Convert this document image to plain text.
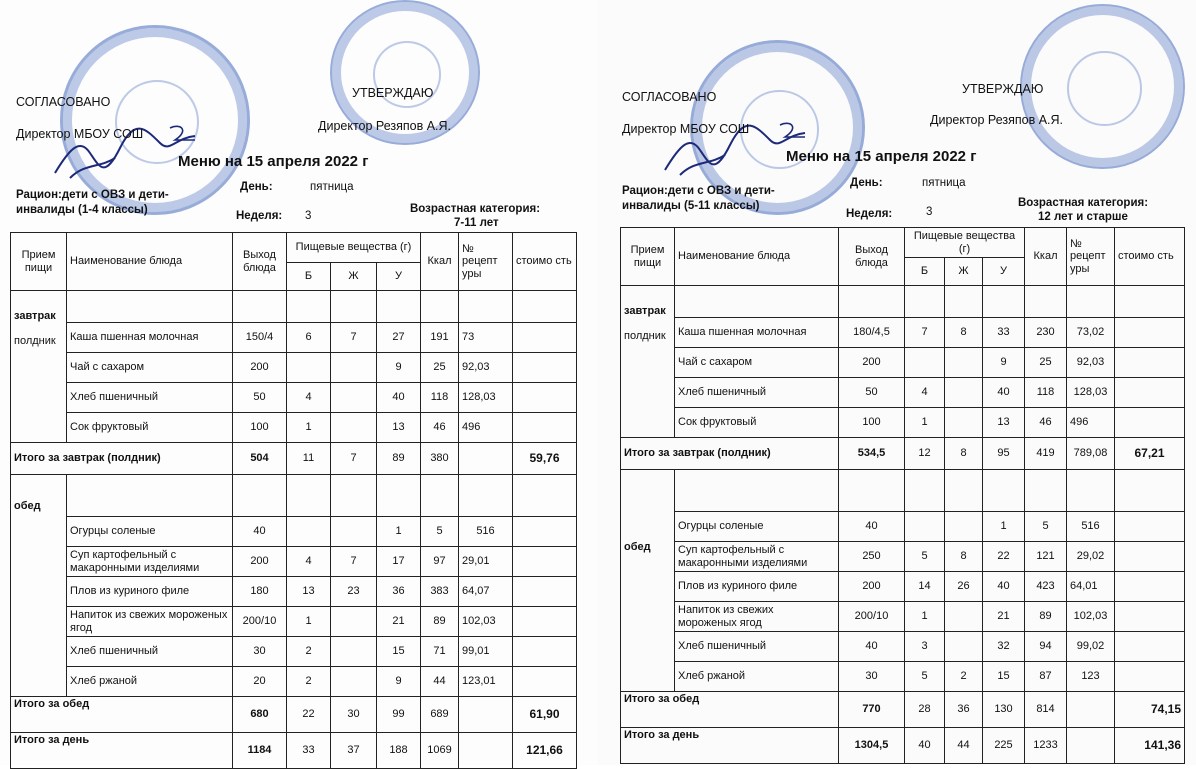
СОГЛАСОВАНО
УТВЕРЖДАЮ
Директор МБОУ СОШ
Директор Резяпов А.Я.
Меню на 15 апреля 2022 г
Рацион:дети с ОВЗ и дети-
инвалиды (1-4 классы)
День:	пятница
Неделя: 3
Возрастная категория:
7-11 лет
Прием пищи	Наименование блюда	Выход блюда	Пищевые вещества (г)			Ккал	№ рецепт уры	стоимо сть
			Б	Ж	У			

завтрак
полдник								

	Каша пшенная молочная	150/4	6	7	27	191	73	
	Чай с сахаром	200			9	25	92,03	
	Хлеб пшеничный	50	4		40	118	128,03	
	Сок фруктовый	100	1		13	46	496	
Итого за завтрак (полдник)		504	11	7	89	380		59,76

обед								

	Огурцы соленые	40			1	5	516	
	Суп картофельный с макаронными изделиями	200	4	7	17	97	29,01	
	Плов из куриного филе	180	13	23	36	383	64,07	
	Напиток из свежих мороженых ягод	200/10	1		21	89	102,03	
	Хлеб пшеничный	30	2		15	71	99,01	
	Хлеб ржаной	20	2		9	44	123,01	
Итого за обед		680	22	30	99	689		61,90
Итого за день		1184	33	37	188	1069		121,66
СОГЛАСОВАНО
УТВЕРЖДАЮ
Директор МБОУ СОШ
Директор Резяпов А.Я.
Меню на 15 апреля 2022 г
Рацион:дети с ОВЗ и дети-
инвалиды (5-11 классы)
День:	пятница
Неделя:	3
Возрастная категория:
12 лет и старше
Прием пищи	Наименование блюда	Выход блюда	Пищевые вещества (г)			Ккал	№ рецепт уры	стоимо сть
			Б	Ж	У			

завтрак
полдник								

	Каша пшенная молочная	180/4,5	7	8	33	230	73,02	
	Чай с сахаром	200			9	25	92,03	
	Хлеб пшеничный	50	4		40	118	128,03	
	Сок фруктовый	100	1		13	46	496	
Итого за завтрак (полдник)		534,5	12	8	95	419	789,08	67,21

обед								

	Огурцы соленые	40			1	5	516	
	Суп картофельный с макаронными изделиями	250	5	8	22	121	29,02	
	Плов из куриного филе	200	14	26	40	423	64,01	
	Напиток из свежих мороженых ягод	200/10	1		21	89	102,03	
	Хлеб пшеничный	40	3		32	94	99,02	
	Хлеб ржаной	30	5	2	15	87	123	
Итого за обед		770	28	36	130	814		74,15
Итого за день		1304,5	40	44	225	1233		141,36
